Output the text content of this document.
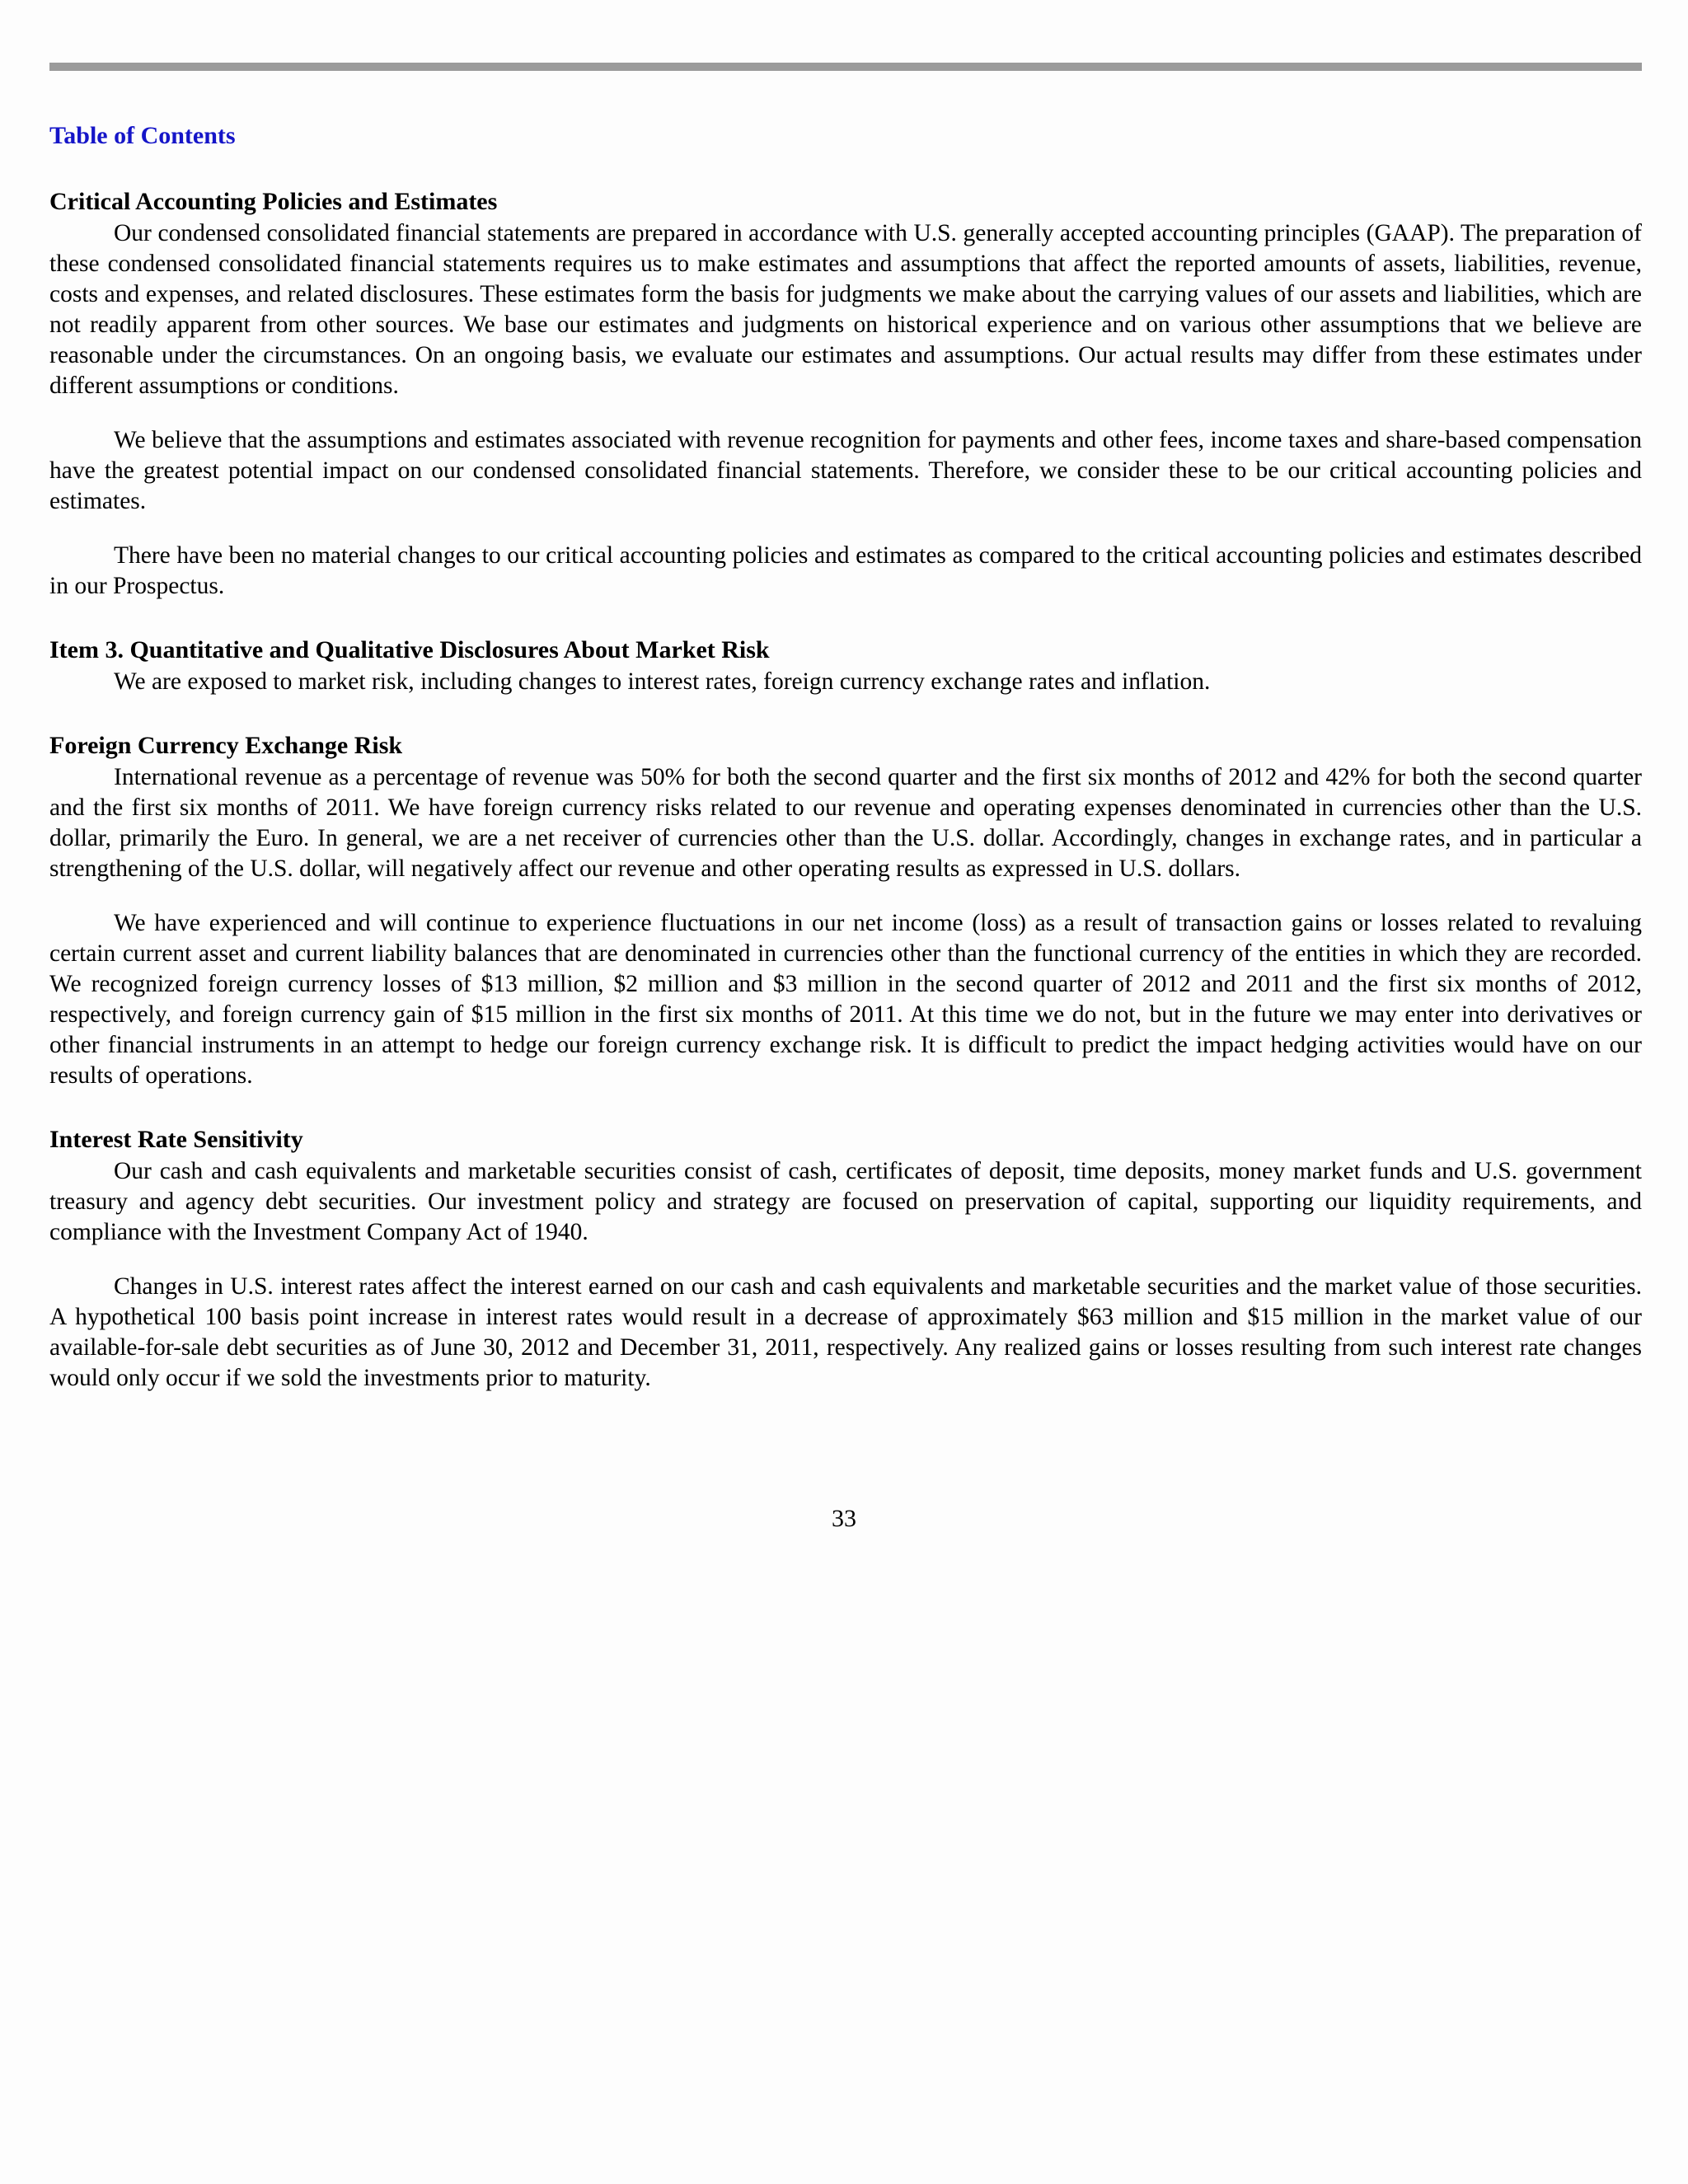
Table of Contents
Critical Accounting Policies and Estimates

Our condensed consolidated financial statements are prepared in accordance with U.S. generally accepted accounting principles (GAAP). The preparation of these condensed consolidated financial statements requires us to make estimates and assumptions that affect the reported amounts of assets, liabilities, revenue, costs and expenses, and related disclosures. These estimates form the basis for judgments we make about the carrying values of our assets and liabilities, which are not readily apparent from other sources. We base our estimates and judgments on historical experience and on various other assumptions that we believe are reasonable under the circumstances. On an ongoing basis, we evaluate our estimates and assumptions. Our actual results may differ from these estimates under different assumptions or conditions.

We believe that the assumptions and estimates associated with revenue recognition for payments and other fees, income taxes and share-based compensation have the greatest potential impact on our condensed consolidated financial statements. Therefore, we consider these to be our critical accounting policies and estimates.

There have been no material changes to our critical accounting policies and estimates as compared to the critical accounting policies and estimates described in our Prospectus.

Item 3. Quantitative and Qualitative Disclosures About Market Risk

We are exposed to market risk, including changes to interest rates, foreign currency exchange rates and inflation.

Foreign Currency Exchange Risk

International revenue as a percentage of revenue was 50% for both the second quarter and the first six months of 2012 and 42% for both the second quarter and the first six months of 2011. We have foreign currency risks related to our revenue and operating expenses denominated in currencies other than the U.S. dollar, primarily the Euro. In general, we are a net receiver of currencies other than the U.S. dollar. Accordingly, changes in exchange rates, and in particular a strengthening of the U.S. dollar, will negatively affect our revenue and other operating results as expressed in U.S. dollars.

We have experienced and will continue to experience fluctuations in our net income (loss) as a result of transaction gains or losses related to revaluing certain current asset and current liability balances that are denominated in currencies other than the functional currency of the entities in which they are recorded. We recognized foreign currency losses of $13 million, $2 million and $3 million in the second quarter of 2012 and 2011 and the first six months of 2012, respectively, and foreign currency gain of $15 million in the first six months of 2011. At this time we do not, but in the future we may enter into derivatives or other financial instruments in an attempt to hedge our foreign currency exchange risk. It is difficult to predict the impact hedging activities would have on our results of operations.

Interest Rate Sensitivity

Our cash and cash equivalents and marketable securities consist of cash, certificates of deposit, time deposits, money market funds and U.S. government treasury and agency debt securities. Our investment policy and strategy are focused on preservation of capital, supporting our liquidity requirements, and compliance with the Investment Company Act of 1940.

Changes in U.S. interest rates affect the interest earned on our cash and cash equivalents and marketable securities and the market value of those securities. A hypothetical 100 basis point increase in interest rates would result in a decrease of approximately $63 million and $15 million in the market value of our available-for-sale debt securities as of June 30, 2012 and December 31, 2011, respectively. Any realized gains or losses resulting from such interest rate changes would only occur if we sold the investments prior to maturity.

33
